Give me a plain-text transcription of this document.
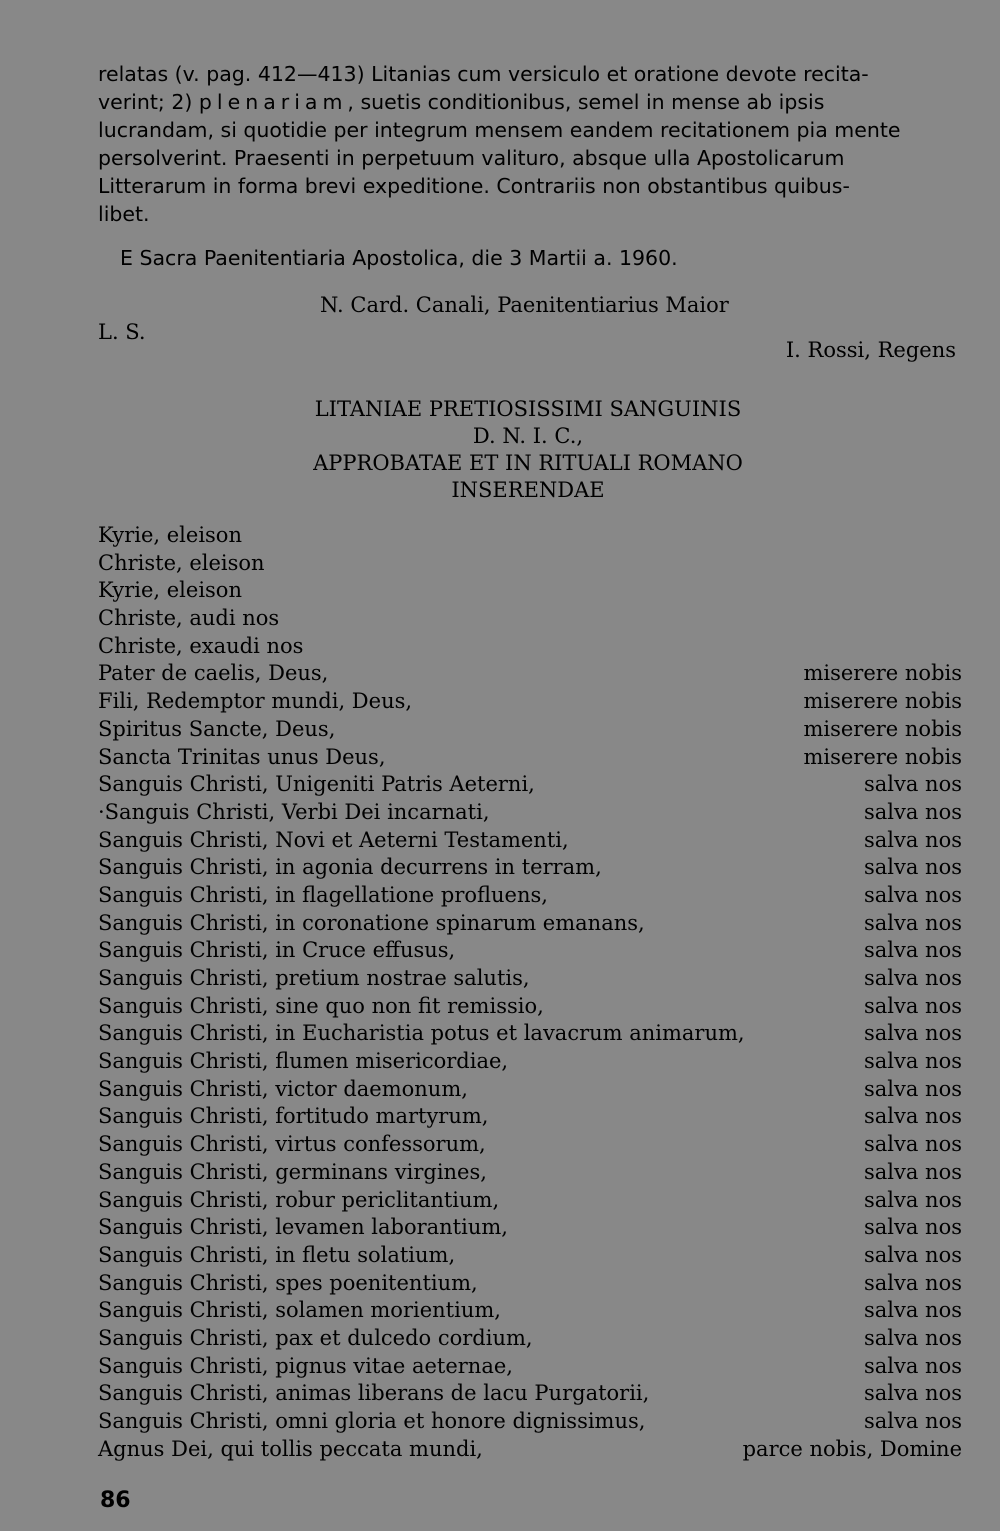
relatas (v. pag. 412—413) Litanias cum versiculo et oratione devote recita-
verint; 2) plenariam, suetis conditionibus, semel in mense ab ipsis
lucrandam, si quotidie per integrum mensem eandem recitationem pia mente
persolverint. Praesenti in perpetuum valituro, absque ulla Apostolicarum
Litterarum in forma brevi expeditione. Contrariis non obstantibus quibus-
libet.
E Sacra Paenitentiaria Apostolica, die 3 Martii a. 1960.
N. Card. Canali, Paenitentiarius Maior
L. S.
I. Rossi, Regens
LITANIAE PRETIOSISSIMI SANGUINIS
D. N. I. C.,
APPROBATAE ET IN RITUALI ROMANO
INSERENDAE
Kyrie, eleison
Christe, eleison
Kyrie, eleison
Christe, audi nos
Christe, exaudi nos
Pater de caelis, Deus,	miserere nobis
Fili, Redemptor mundi, Deus,	miserere nobis
Spiritus Sancte, Deus,	miserere nobis
Sancta Trinitas unus Deus,	miserere nobis
Sanguis Christi, Unigeniti Patris Aeterni,	salva nos
·Sanguis Christi, Verbi Dei incarnati,	salva nos
Sanguis Christi, Novi et Aeterni Testamenti,	salva nos
Sanguis Christi, in agonia decurrens in terram,	salva nos
Sanguis Christi, in flagellatione profluens,	salva nos
Sanguis Christi, in coronatione spinarum emanans,	salva nos
Sanguis Christi, in Cruce effusus,	salva nos
Sanguis Christi, pretium nostrae salutis,	salva nos
Sanguis Christi, sine quo non fit remissio,	salva nos
Sanguis Christi, in Eucharistia potus et lavacrum animarum,	salva nos
Sanguis Christi, flumen misericordiae,	salva nos
Sanguis Christi, victor daemonum,	salva nos
Sanguis Christi, fortitudo martyrum,	salva nos
Sanguis Christi, virtus confessorum,	salva nos
Sanguis Christi, germinans virgines,	salva nos
Sanguis Christi, robur periclitantium,	salva nos
Sanguis Christi, levamen laborantium,	salva nos
Sanguis Christi, in fletu solatium,	salva nos
Sanguis Christi, spes poenitentium,	salva nos
Sanguis Christi, solamen morientium,	salva nos
Sanguis Christi, pax et dulcedo cordium,	salva nos
Sanguis Christi, pignus vitae aeternae,	salva nos
Sanguis Christi, animas liberans de lacu Purgatorii,	salva nos
Sanguis Christi, omni gloria et honore dignissimus,	salva nos
Agnus Dei, qui tollis peccata mundi,	parce nobis, Domine
86
